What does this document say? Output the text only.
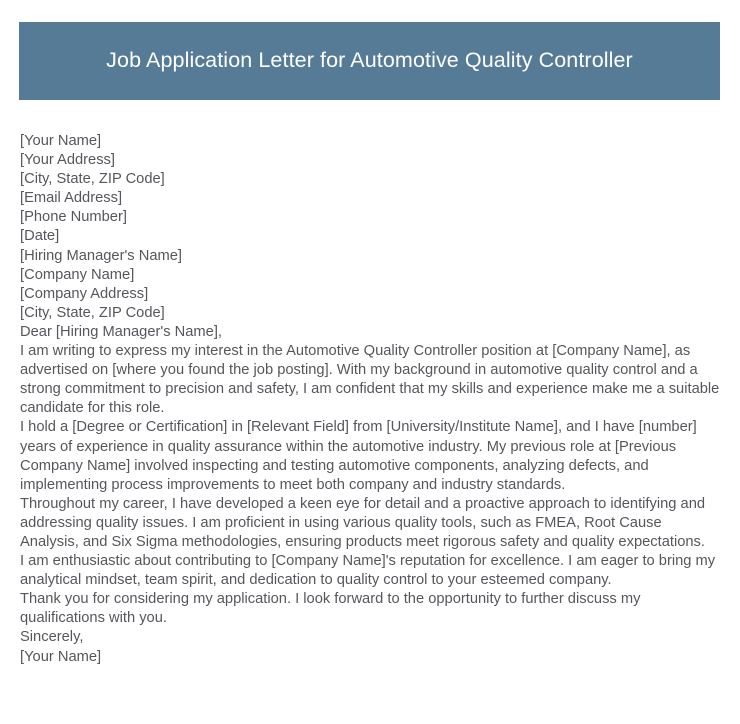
Job Application Letter for Automotive Quality Controller

[Your Name]

[Your Address]

[City, State, ZIP Code]

[Email Address]

[Phone Number]

[Date]

[Hiring Manager's Name]

[Company Name]

[Company Address]

[City, State, ZIP Code]

Dear [Hiring Manager's Name],

I am writing to express my interest in the Automotive Quality Controller position at [Company Name], as advertised on [where you found the job posting]. With my background in automotive quality control and a strong commitment to precision and safety, I am confident that my skills and experience make me a suitable candidate for this role.

I hold a [Degree or Certification] in [Relevant Field] from [University/Institute Name], and I have [number] years of experience in quality assurance within the automotive industry. My previous role at [Previous Company Name] involved inspecting and testing automotive components, analyzing defects, and implementing process improvements to meet both company and industry standards.

Throughout my career, I have developed a keen eye for detail and a proactive approach to identifying and addressing quality issues. I am proficient in using various quality tools, such as FMEA, Root Cause Analysis, and Six Sigma methodologies, ensuring products meet rigorous safety and quality expectations.

I am enthusiastic about contributing to [Company Name]'s reputation for excellence. I am eager to bring my analytical mindset, team spirit, and dedication to quality control to your esteemed company.

Thank you for considering my application. I look forward to the opportunity to further discuss my qualifications with you.

Sincerely,

[Your Name]
